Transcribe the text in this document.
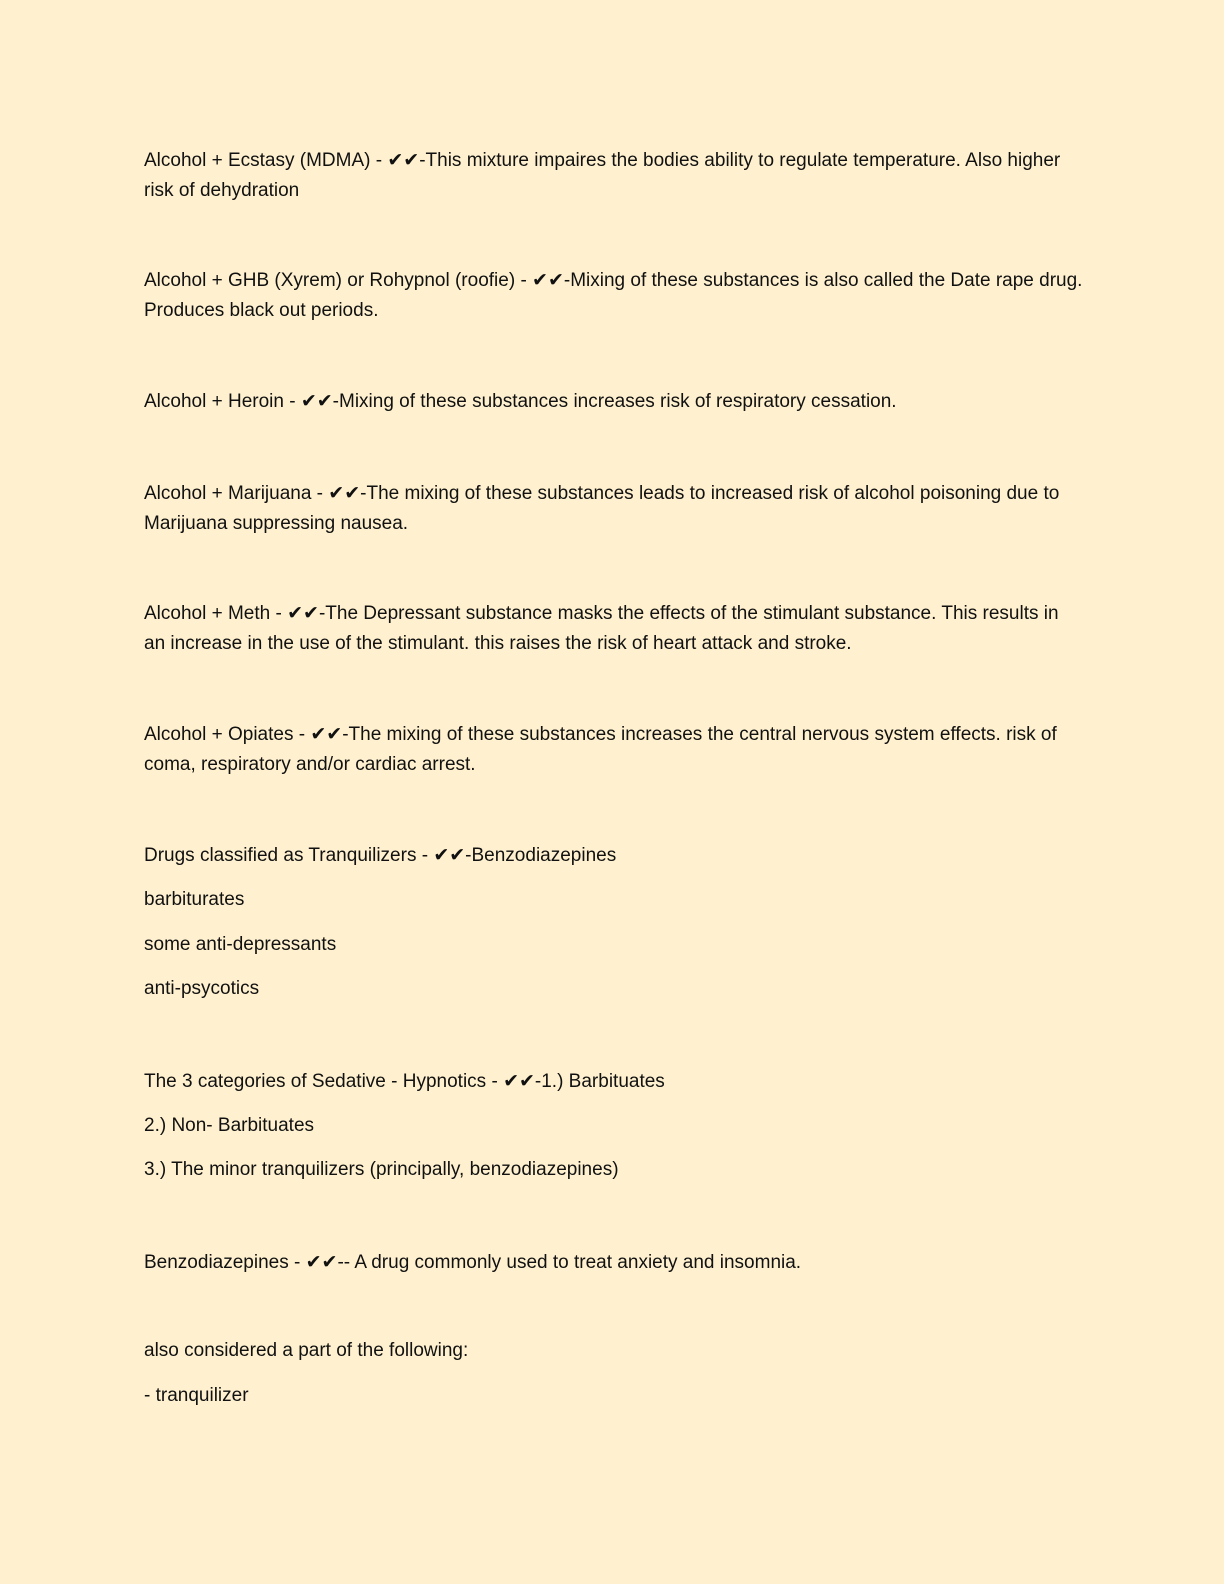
Alcohol + Ecstasy (MDMA) - ✔✔-This mixture impaires the bodies ability to regulate temperature. Also higher risk of dehydration

Alcohol + GHB (Xyrem) or Rohypnol (roofie) - ✔✔-Mixing of these substances is also called the Date rape drug. Produces black out periods.

Alcohol + Heroin - ✔✔-Mixing of these substances increases risk of respiratory cessation.

Alcohol + Marijuana - ✔✔-The mixing of these substances leads to increased risk of alcohol poisoning due to Marijuana suppressing nausea.

Alcohol + Meth - ✔✔-The Depressant substance masks the effects of the stimulant substance. This results in an increase in the use of the stimulant. this raises the risk of heart attack and stroke.

Alcohol + Opiates - ✔✔-The mixing of these substances increases the central nervous system effects. risk of coma, respiratory and/or cardiac arrest.

Drugs classified as Tranquilizers - ✔✔-Benzodiazepines

barbiturates

some anti-depressants

anti-psycotics

The 3 categories of Sedative - Hypnotics - ✔✔-1.) Barbituates

2.) Non- Barbituates

3.) The minor tranquilizers (principally, benzodiazepines)

Benzodiazepines - ✔✔-- A drug commonly used to treat anxiety and insomnia.

also considered a part of the following:

- tranquilizer
